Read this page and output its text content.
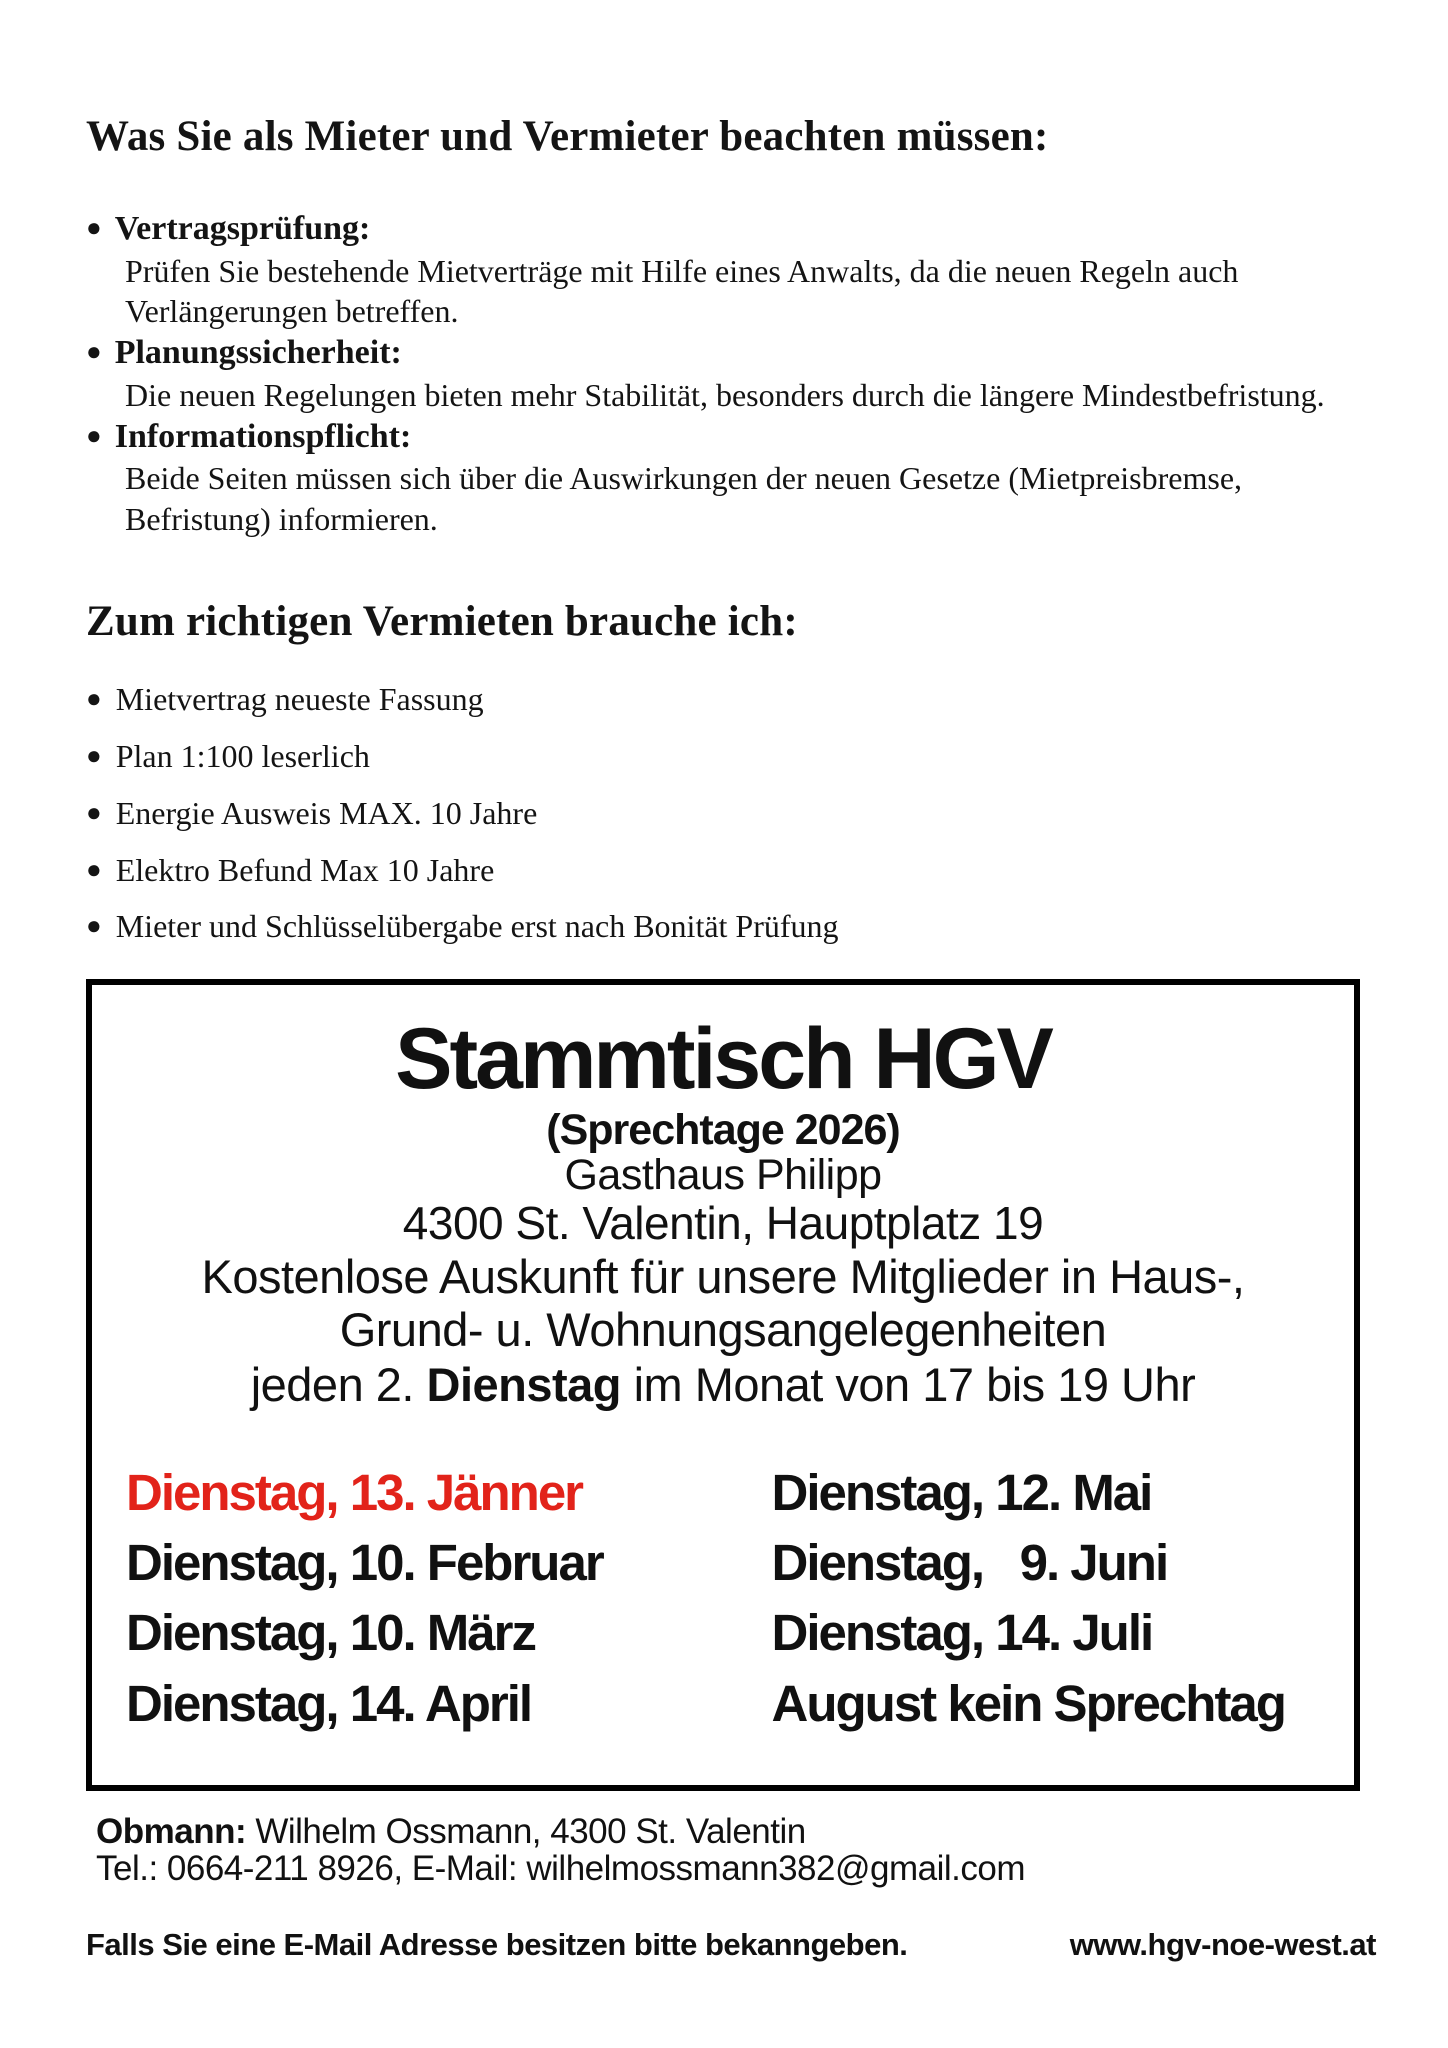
Was Sie als Mieter und Vermieter beachten müssen:
● Vertragsprüfung:
Prüfen Sie bestehende Mietverträge mit Hilfe eines Anwalts, da die neuen Regeln auch Verlängerungen betreffen.
● Planungssicherheit:
Die neuen Regelungen bieten mehr Stabilität, besonders durch die längere Mindestbefristung.
● Informationspflicht:
Beide Seiten müssen sich über die Auswirkungen der neuen Gesetze (Mietpreisbremse, Befristung) informieren.
Zum richtigen Vermieten brauche ich:
● Mietvertrag neueste Fassung
● Plan 1:100 leserlich
● Energie Ausweis MAX. 10 Jahre
● Elektro Befund Max 10 Jahre
● Mieter und Schlüsselübergabe erst nach Bonität Prüfung
Stammtisch HGV
(Sprechtage 2026)
Gasthaus Philipp
4300 St. Valentin, Hauptplatz 19
Kostenlose Auskunft für unsere Mitglieder in Haus-, Grund- u. Wohnungsangelegenheiten
jeden 2. Dienstag im Monat von 17 bis 19 Uhr
Dienstag, 13. Jänner	Dienstag, 12. Mai
Dienstag, 10. Februar	Dienstag,   9. Juni
Dienstag, 10. März	Dienstag, 14. Juli
Dienstag, 14. April	August kein Sprechtag
Obmann: Wilhelm Ossmann, 4300 St. Valentin
Tel.: 0664-211 8926, E-Mail: wilhelmossmann382@gmail.com
Falls Sie eine E-Mail Adresse besitzen bitte bekanngeben.	www.hgv-noe-west.at
